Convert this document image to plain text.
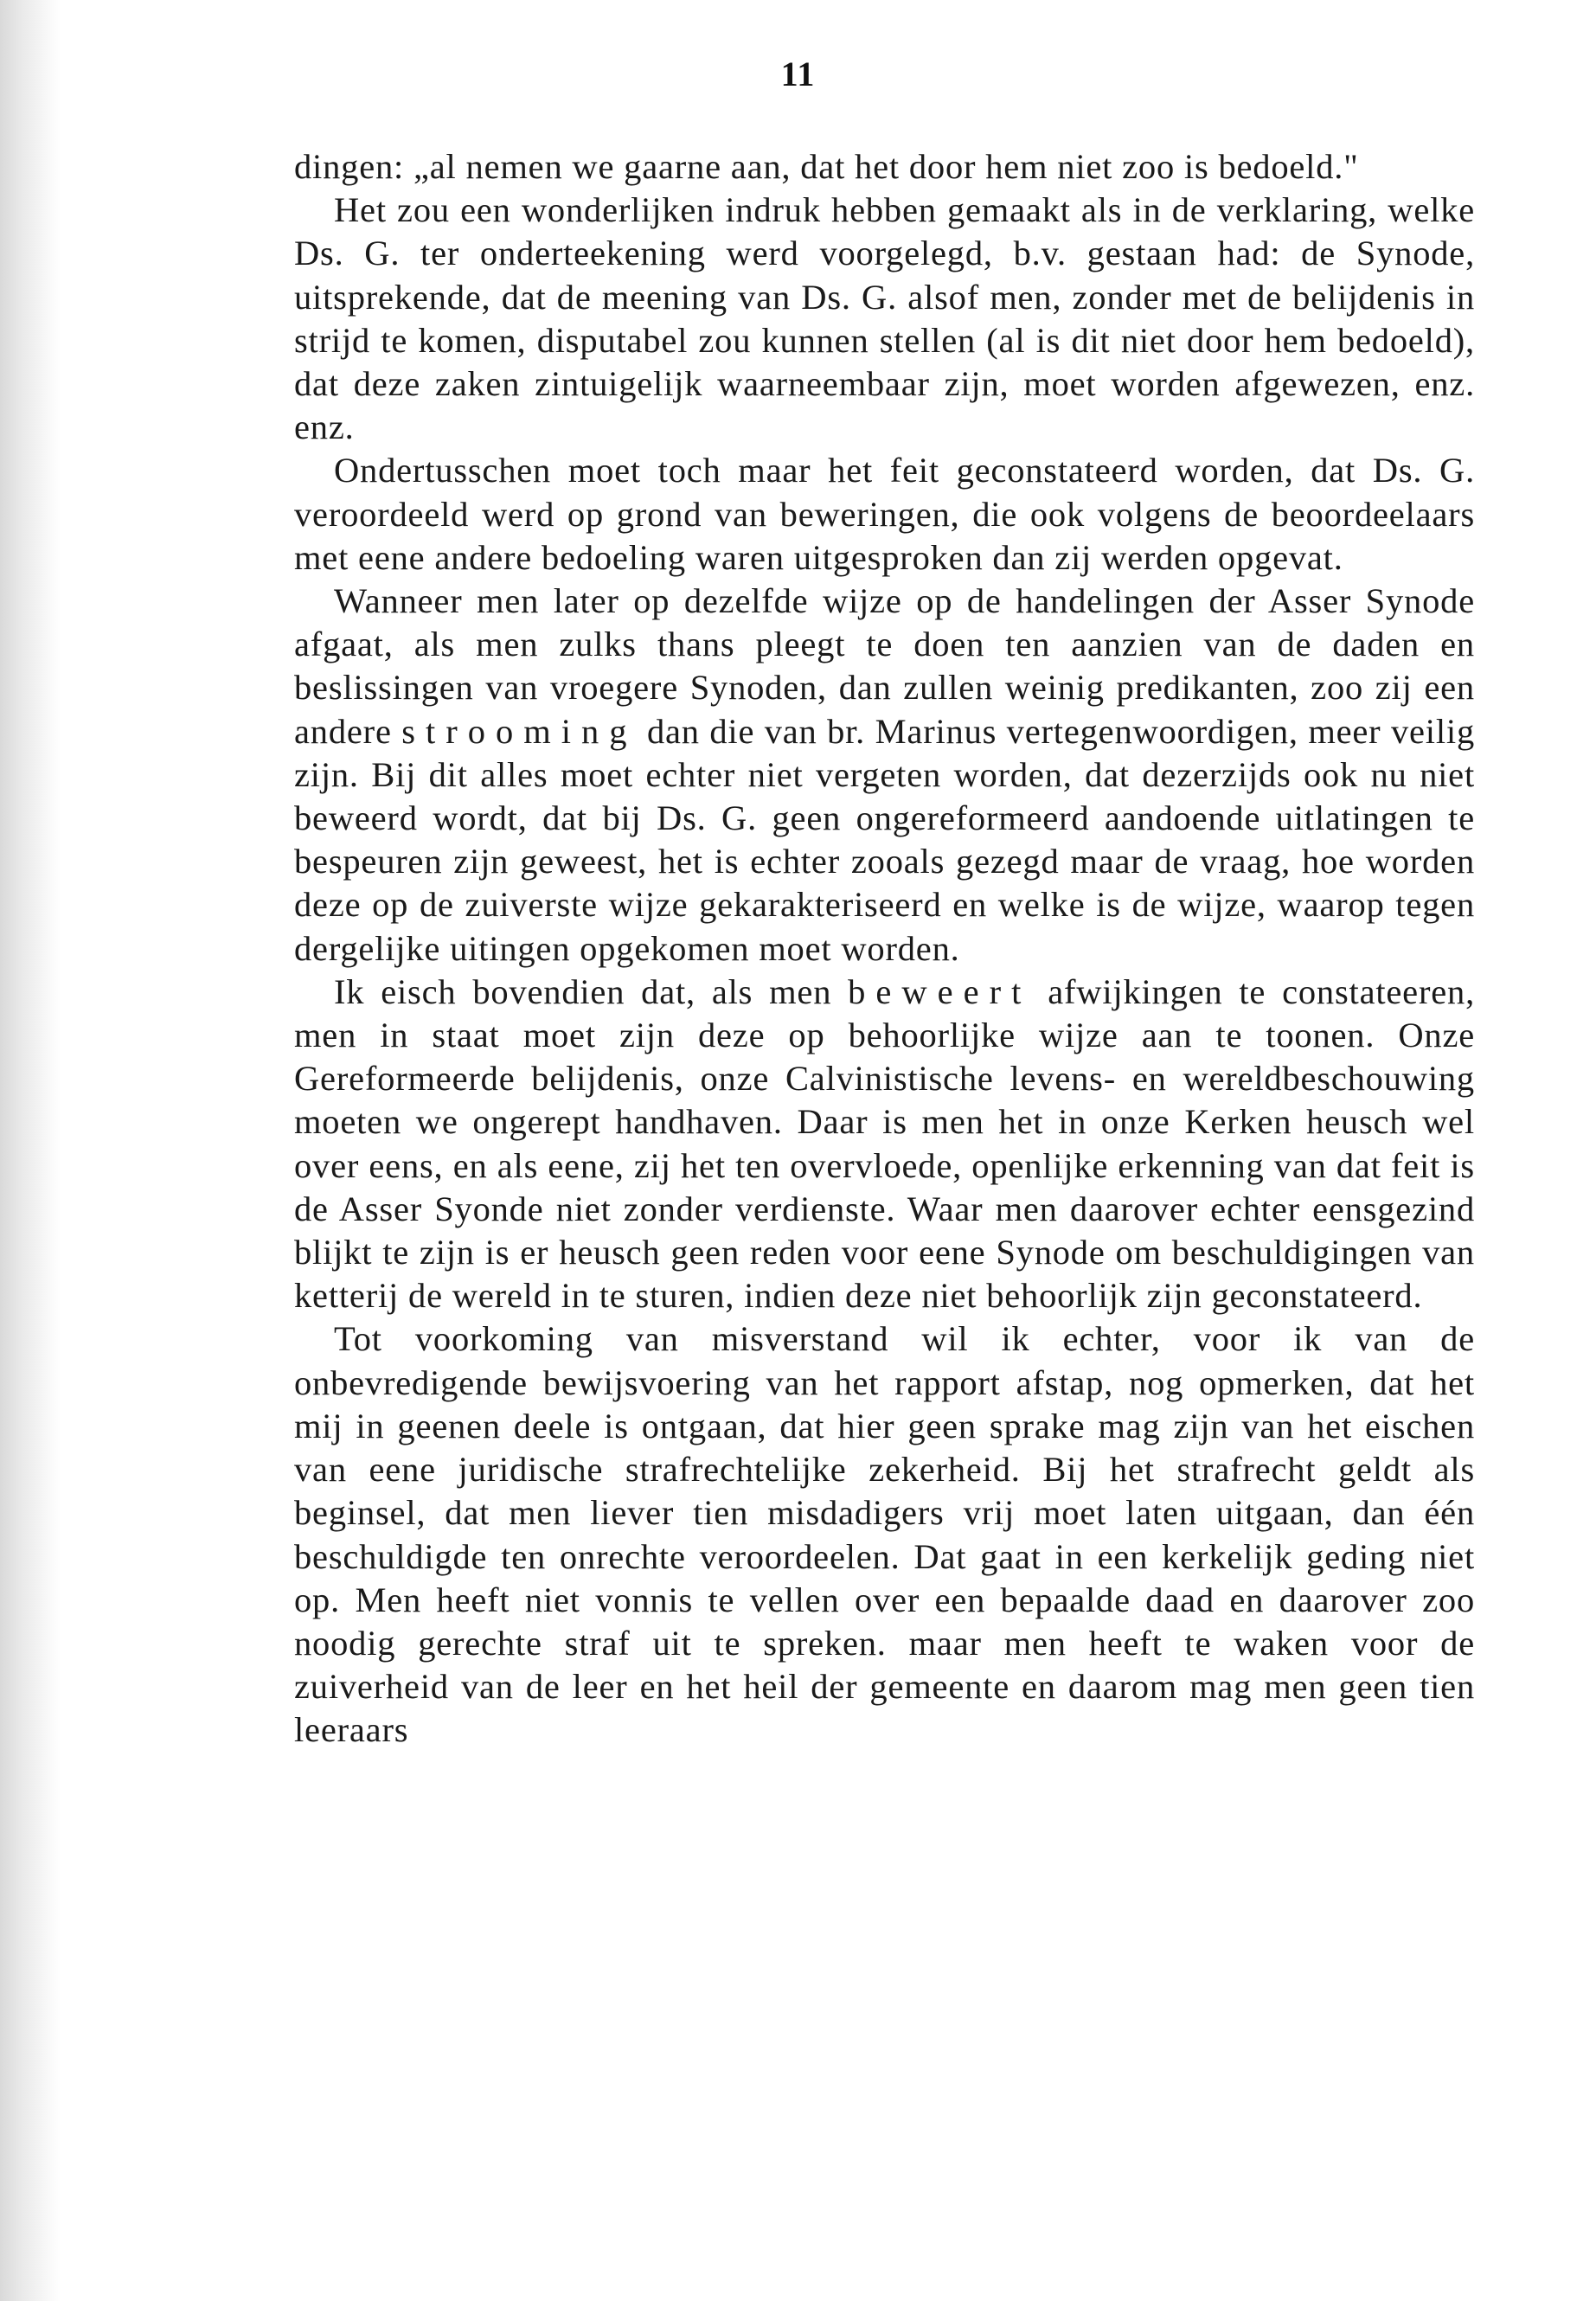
11

dingen: „al nemen we gaarne aan, dat het door hem niet zoo is bedoeld."

Het zou een wonderlijken indruk hebben gemaakt als in de verklaring, welke Ds. G. ter onderteekening werd voorgelegd, b.v. gestaan had: de Synode, uitsprekende, dat de meening van Ds. G. alsof men, zonder met de belijdenis in strijd te komen, disputabel zou kunnen stellen (al is dit niet door hem bedoeld), dat deze zaken zintuigelijk waarneembaar zijn, moet worden afgewezen, enz. enz.

Ondertusschen moet toch maar het feit geconstateerd worden, dat Ds. G. veroordeeld werd op grond van beweringen, die ook volgens de beoordeelaars met eene andere bedoeling waren uitgesproken dan zij werden opgevat.

Wanneer men later op dezelfde wijze op de handelingen der Asser Synode afgaat, als men zulks thans pleegt te doen ten aanzien van de daden en beslissingen van vroegere Synoden, dan zullen weinig predikanten, zoo zij een andere strooming dan die van br. Marinus vertegenwoordigen, meer veilig zijn. Bij dit alles moet echter niet vergeten worden, dat dezerzijds ook nu niet beweerd wordt, dat bij Ds. G. geen ongereformeerd aandoende uitlatingen te bespeuren zijn geweest, het is echter zooals gezegd maar de vraag, hoe worden deze op de zuiverste wijze gekarakteriseerd en welke is de wijze, waarop tegen dergelijke uitingen opgekomen moet worden.

Ik eisch bovendien dat, als men beweert afwijkingen te constateeren, men in staat moet zijn deze op behoorlijke wijze aan te toonen. Onze Gereformeerde belijdenis, onze Calvinistische levens- en wereldbeschouwing moeten we ongerept handhaven. Daar is men het in onze Kerken heusch wel over eens, en als eene, zij het ten overvloede, openlijke erkenning van dat feit is de Asser Syonde niet zonder verdienste. Waar men daarover echter eensgezind blijkt te zijn is er heusch geen reden voor eene Synode om beschuldigingen van ketterij de wereld in te sturen, indien deze niet behoorlijk zijn geconstateerd.

Tot voorkoming van misverstand wil ik echter, voor ik van de onbevredigende bewijsvoering van het rapport afstap, nog opmerken, dat het mij in geenen deele is ontgaan, dat hier geen sprake mag zijn van het eischen van eene juridische strafrechtelijke zekerheid. Bij het strafrecht geldt als beginsel, dat men liever tien misdadigers vrij moet laten uitgaan, dan één beschuldigde ten onrechte veroordeelen. Dat gaat in een kerkelijk geding niet op. Men heeft niet vonnis te vellen over een bepaalde daad en daarover zoo noodig gerechte straf uit te spreken. maar men heeft te waken voor de zuiverheid van de leer en het heil der gemeente en daarom mag men geen tien leeraars
